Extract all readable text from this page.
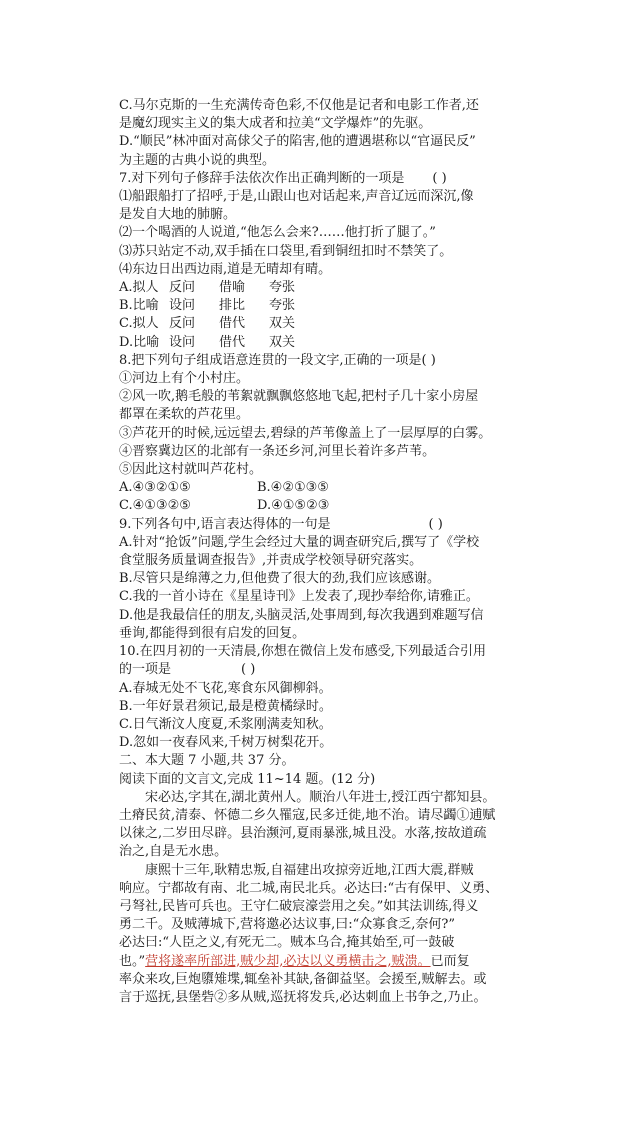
C.马尔克斯的一生充满传奇色彩,不仅他是记者和电影工作者,还
是魔幻现实主义的集大成者和拉美“文学爆炸”的先驱。
D.“顺民”林冲面对高俅父子的陷害,他的遭遇堪称以“官逼民反”
为主题的古典小说的典型。
7.对下列句子修辞手法依次作出正确判断的一项是 ( )
⑴船跟船打了招呼,于是,山跟山也对话起来,声音辽远而深沉,像
是发自大地的肺腑。
⑵一个喝酒的人说道,“他怎么会来?……他打折了腿了。”
⑶苏只站定不动,双手插在口袋里,看到铜纽扣时不禁笑了。
⑷东边日出西边雨,道是无晴却有晴。
A.拟人 反问	借喻	夸张
B.比喻 设问	排比	夸张
C.拟人 反问	借代	双关
D.比喻 设问	借代	双关
8.把下列句子组成语意连贯的一段文字,正确的一项是( )
①河边上有个小村庄。
②风一吹,鹅毛般的苇絮就飘飘悠悠地飞起,把村子几十家小房屋
都罩在柔软的芦花里。
③芦花开的时候,远远望去,碧绿的芦苇像盖上了一层厚厚的白雾。
④晋察冀边区的北部有一条还乡河,河里长着许多芦苇。
⑤因此这村就叫芦花村。
A.④③②①⑤	B.④②①③⑤
C.④①③②⑤	D.④①⑤②③
9.下列各句中,语言表达得体的一句是	( )
A.针对“抢饭”问题,学生会经过大量的调查研究后,撰写了《学校
食堂服务质量调查报告》,并责成学校领导研究落实。
B.尽管只是绵薄之力,但他费了很大的劲,我们应该感谢。
C.我的一首小诗在《星星诗刊》上发表了,现抄奉给你,请雅正。
D.他是我最信任的朋友,头脑灵活,处事周到,每次我遇到难题写信
垂询,都能得到很有启发的回复。
10.在四月初的一天清晨,你想在微信上发布感受,下列最适合引用
的一项是	( )
A.春城无处不飞花,寒食东风御柳斜。
B.一年好景君须记,最是橙黄橘绿时。
C.日气渐汶人度夏,禾浆刚满麦知秋。
D.忽如一夜春风来,千树万树梨花开。
二、本大题 7 小题,共 37 分。
阅读下面的文言文,完成 11~14 题。(12 分)
宋必达,字其在,湖北黄州人。顺治八年进士,授江西宁都知县。
土瘠民贫,清泰、怀德二乡久罹寇,民多迁徙,地不治。请尽蠲①逋赋
以徕之,二岁田尽辟。县治濒河,夏雨暴涨,城且没。水落,按故道疏
治之,自是无水患。
康熙十三年,耿精忠叛,自福建出攻掠旁近地,江西大震,群贼
响应。宁都故有南、北二城,南民北兵。必达曰:“古有保甲、义勇、
弓弩社,民皆可兵也。王守仁破宸濠尝用之矣。”如其法训练,得义
勇二千。及贼薄城下,营将邀必达议事,曰:“众寡食乏,奈何?”
必达曰:“人臣之义,有死无二。贼本乌合,掩其始至,可一鼓破
也。”营将遂率所部进,贼少却,必达以义勇横击之,贼溃。已而复
率众来攻,巨炮隳雉堞,辄垒补其缺,备御益坚。会援至,贼解去。或
言于巡抚,县堡砦②多从贼,巡抚将发兵,必达刺血上书争之,乃止。
